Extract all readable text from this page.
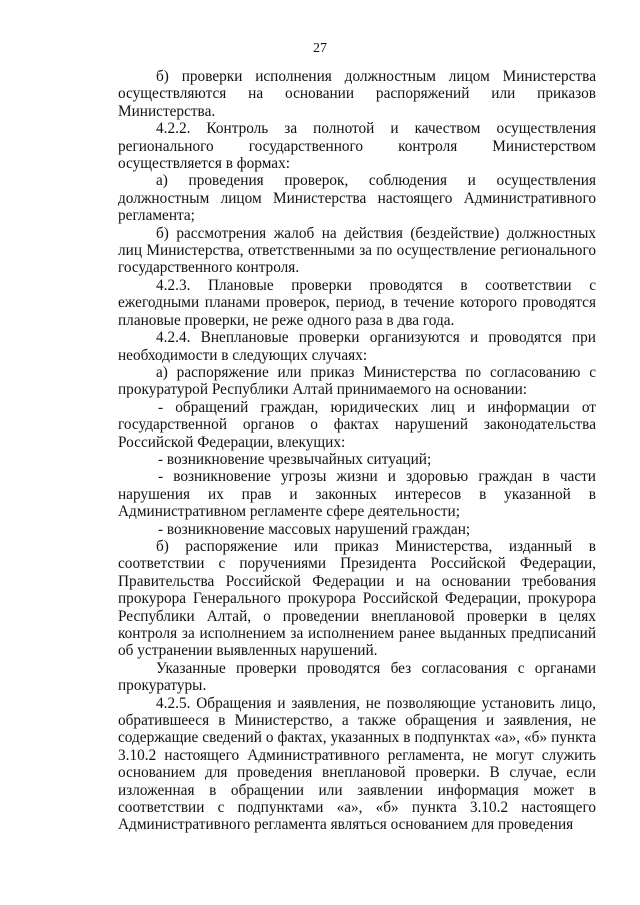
27

б) проверки исполнения должностным лицом Министерства осуществляются на основании распоряжений или приказов Министерства.

4.2.2. Контроль за полнотой и качеством осуществления регионального государственного контроля Министерством осуществляется в формах:

а) проведения проверок, соблюдения и осуществления должностным лицом Министерства настоящего Административного регламента;

б) рассмотрения жалоб на действия (бездействие) должностных лиц Министерства, ответственными за по осуществление регионального государственного контроля.

4.2.3. Плановые проверки проводятся в соответствии с ежегодными планами проверок, период, в течение которого проводятся плановые проверки, не реже одного раза в два года.

4.2.4. Внеплановые проверки организуются и проводятся при необходимости в следующих случаях:

а) распоряжение или приказ Министерства по согласованию с прокуратурой Республики Алтай принимаемого на основании:

- обращений граждан, юридических лиц и информации от государственной органов о фактах нарушений законодательства Российской Федерации, влекущих:

- возникновение чрезвычайных ситуаций;

- возникновение угрозы жизни и здоровью граждан в части нарушения их прав и законных интересов в указанной в Административном регламенте сфере деятельности;

- возникновение массовых нарушений граждан;

б) распоряжение или приказ Министерства, изданный в соответствии с поручениями Президента Российской Федерации, Правительства Российской Федерации и на основании требования прокурора Генерального прокурора Российской Федерации, прокурора Республики Алтай, о проведении внеплановой проверки в целях контроля за исполнением за исполнением ранее выданных предписаний об устранении выявленных нарушений.

Указанные проверки проводятся без согласования с органами прокуратуры.

4.2.5. Обращения и заявления, не позволяющие установить лицо, обратившееся в Министерство, а также обращения и заявления, не содержащие сведений о фактах, указанных в подпунктах «а», «б» пункта 3.10.2 настоящего Административного регламента, не могут служить основанием для проведения внеплановой проверки. В случае, если изложенная в обращении или заявлении информация может в соответствии с подпунктами «а», «б» пункта 3.10.2 настоящего Административного регламента являться основанием для проведения
